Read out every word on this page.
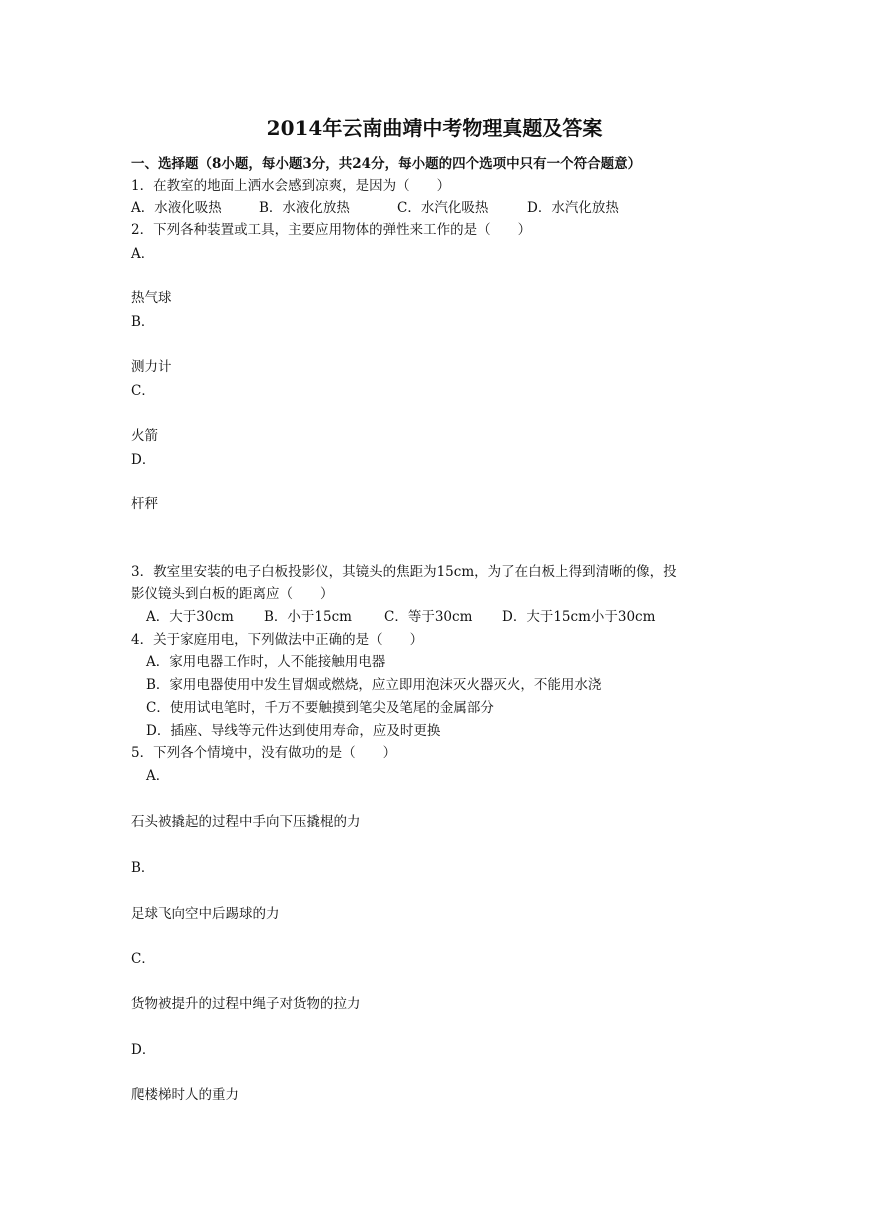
2014年云南曲靖中考物理真题及答案
一、选择题（8小题，每小题3分，共24分，每小题的四个选项中只有一个符合题意）
1．在教室的地面上洒水会感到凉爽，是因为（　　）
A．水液化吸热	B．水液化放热	C．水汽化吸热	D．水汽化放热
2．下列各种装置或工具，主要应用物体的弹性来工作的是（　　）
A．
热气球
B．
测力计
C．
火箭
D．
杆秤
3．教室里安装的电子白板投影仪，其镜头的焦距为15cm，为了在白板上得到清晰的像，投
影仪镜头到白板的距离应（　　）
A．大于30cm B．小于15cm C．等于30cm D．大于15cm小于30cm
4．关于家庭用电，下列做法中正确的是（　　）
A．家用电器工作时，人不能接触用电器
B．家用电器使用中发生冒烟或燃烧，应立即用泡沫灭火器灭火，不能用水浇
C．使用试电笔时，千万不要触摸到笔尖及笔尾的金属部分
D．插座、导线等元件达到使用寿命，应及时更换
5．下列各个情境中，没有做功的是（　　）
A．
石头被撬起的过程中手向下压撬棍的力
B．
足球飞向空中后踢球的力
C．
货物被提升的过程中绳子对货物的拉力
D．
爬楼梯时人的重力
